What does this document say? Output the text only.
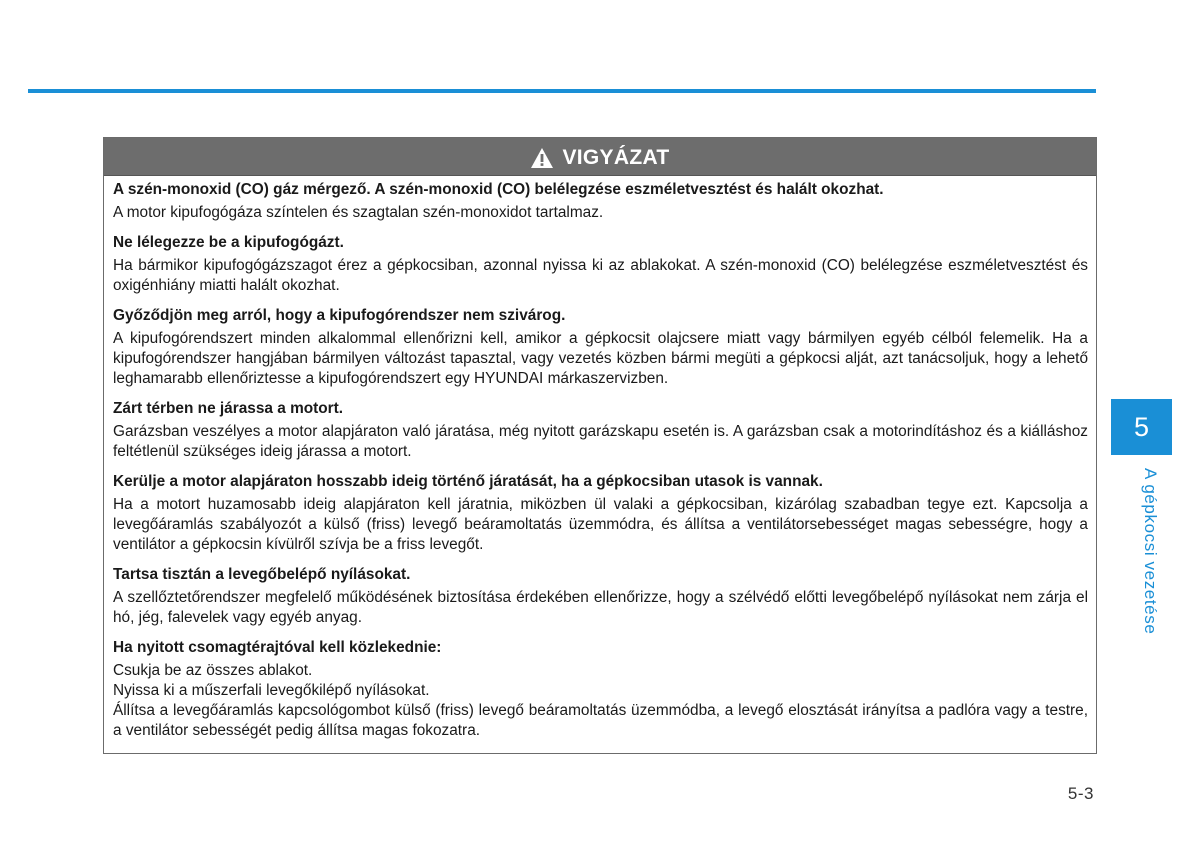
VIGYÁZAT
A szén-monoxid (CO) gáz mérgező. A szén-monoxid (CO) belélegzése eszméletvesztést és halált okozhat.
A motor kipufogógáza színtelen és szagtalan szén-monoxidot tartalmaz.
Ne lélegezze be a kipufogógázt.
Ha bármikor kipufogógázszagot érez a gépkocsiban, azonnal nyissa ki az ablakokat. A szén-monoxid (CO) belélegzése eszméletvesztést és oxigénhiány miatti halált okozhat.
Győződjön meg arról, hogy a kipufogórendszer nem szivárog.
A kipufogórendszert minden alkalommal ellenőrizni kell, amikor a gépkocsit olajcsere miatt vagy bármilyen egyéb célból felemelik. Ha a kipufogórendszer hangjában bármilyen változást tapasztal, vagy vezetés közben bármi megüti a gépkocsi alját, azt tanácsoljuk, hogy a lehető leghamarabb ellenőriztesse a kipufogórendszert egy HYUNDAI márkaszervizben.
Zárt térben ne járassa a motort.
Garázsban veszélyes a motor alapjáraton való járatása, még nyitott garázskapu esetén is. A garázsban csak a motorindításhoz és a kiálláshoz feltétlenül szükséges ideig járassa a motort.
Kerülje a motor alapjáraton hosszabb ideig történő járatását, ha a gépkocsiban utasok is vannak.
Ha a motort huzamosabb ideig alapjáraton kell járatnia, miközben ül valaki a gépkocsiban, kizárólag szabadban tegye ezt. Kapcsolja a levegőáramlás szabályozót a külső (friss) levegő beáramoltatás üzemmódra, és állítsa a ventilátorsebességet magas sebességre, hogy a ventilátor a gépkocsin kívülről szívja be a friss levegőt.
Tartsa tisztán a levegőbelépő nyílásokat.
A szellőztetőrendszer megfelelő működésének biztosítása érdekében ellenőrizze, hogy a szélvédő előtti levegőbelépő nyílásokat nem zárja el hó, jég, falevelek vagy egyéb anyag.
Ha nyitott csomagtérajtóval kell közlekednie:
Csukja be az összes ablakot.
Nyissa ki a műszerfali levegőkilépő nyílásokat.
Állítsa a levegőáramlás kapcsológombot külső (friss) levegő beáramoltatás üzemmódba, a levegő elosztását irányítsa a padlóra vagy a testre, a ventilátor sebességét pedig állítsa magas fokozatra.
5
A gépkocsi vezetése
5-3
